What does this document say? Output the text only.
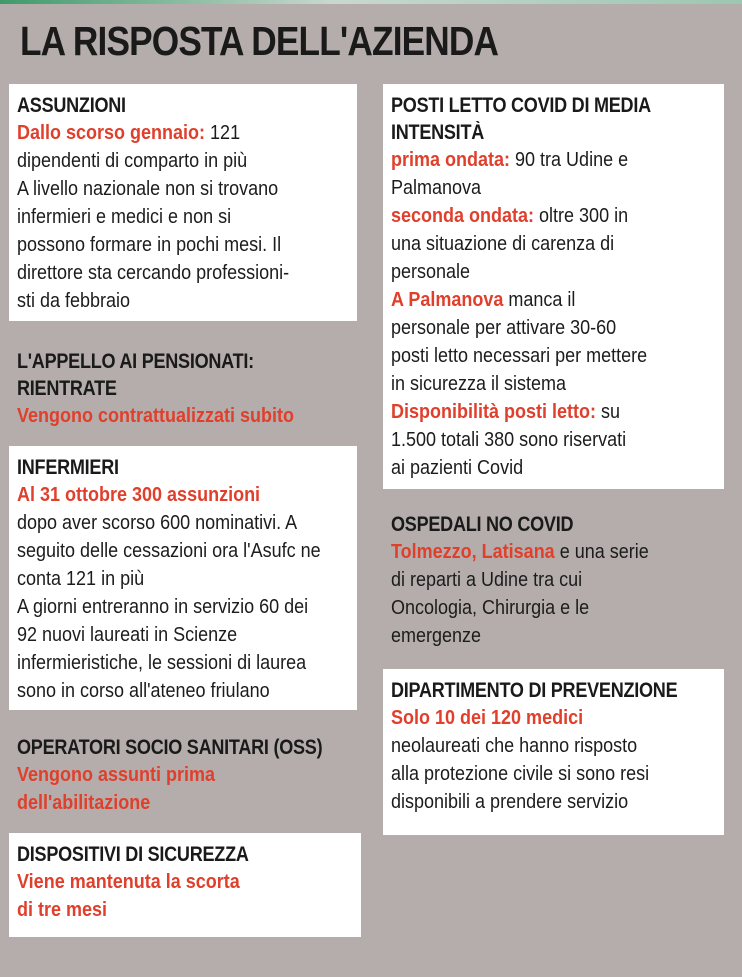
LA RISPOSTA DELL'AZIENDA
ASSUNZIONI
Dallo scorso gennaio: 121
dipendenti di comparto in più
A livello nazionale non si trovano
infermieri e medici e non si
possono formare in pochi mesi. Il
direttore sta cercando professioni-
sti da febbraio
L'APPELLO AI PENSIONATI:
RIENTRATE
Vengono contrattualizzati subito
INFERMIERI
Al 31 ottobre 300 assunzioni
dopo aver scorso 600 nominativi. A
seguito delle cessazioni ora l'Asufc ne
conta 121 in più
A giorni entreranno in servizio 60 dei
92 nuovi laureati in Scienze
infermieristiche, le sessioni di laurea
sono in corso all'ateneo friulano
OPERATORI SOCIO SANITARI (OSS)
Vengono assunti prima
dell'abilitazione
DISPOSITIVI DI SICUREZZA
Viene mantenuta la scorta
di tre mesi
POSTI LETTO COVID DI MEDIA
INTENSITÀ
prima ondata: 90 tra Udine e
Palmanova
seconda ondata: oltre 300 in
una situazione di carenza di
personale
A Palmanova manca il
personale per attivare 30-60
posti letto necessari per mettere
in sicurezza il sistema
Disponibilità posti letto: su
1.500 totali 380 sono riservati
ai pazienti Covid
OSPEDALI NO COVID
Tolmezzo, Latisana e una serie
di reparti a Udine tra cui
Oncologia, Chirurgia e le
emergenze
DIPARTIMENTO DI PREVENZIONE
Solo 10 dei 120 medici
neolaureati che hanno risposto
alla protezione civile si sono resi
disponibili a prendere servizio
